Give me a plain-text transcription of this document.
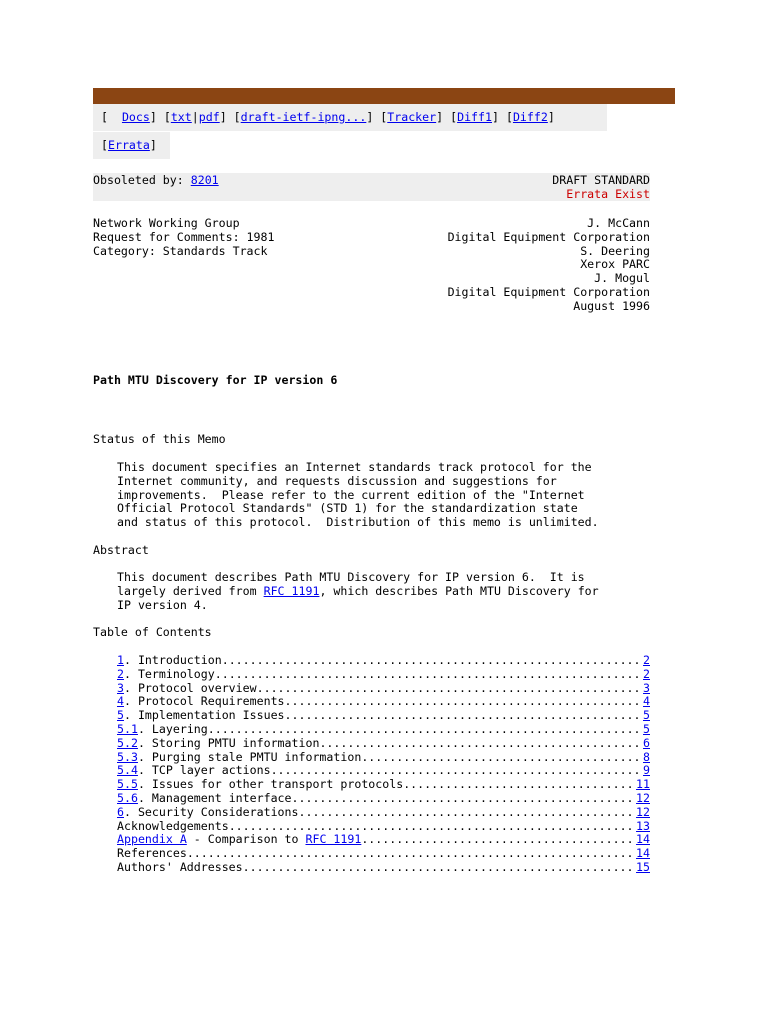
[  Docs] [txt|pdf] [draft-ietf-ipng...] [Tracker] [Diff1] [Diff2]
[Errata]
Obsoleted by: 8201	DRAFT STANDARD
Errata Exist
Network Working Group
Request for Comments: 1981
Category: Standards Track
J. McCann
Digital Equipment Corporation
S. Deering
Xerox PARC
J. Mogul
Digital Equipment Corporation
August 1996
Path MTU Discovery for IP version 6
Status of this Memo
This document specifies an Internet standards track protocol for the
Internet community, and requests discussion and suggestions for
improvements.  Please refer to the current edition of the "Internet
Official Protocol Standards" (STD 1) for the standardization state
and status of this protocol.  Distribution of this memo is unlimited.
Abstract
This document describes Path MTU Discovery for IP version 6.  It is
largely derived from RFC 1191, which describes Path MTU Discovery for
IP version 4.
Table of Contents
1 . Introduction .....	2
2 . Terminology .....	2
3 . Protocol overview .....	3
4 . Protocol Requirements .....	4
5 . Implementation Issues .....	5
5.1 . Layering .....	5
5.2 . Storing PMTU information .....	6
5.3 . Purging stale PMTU information .....	8
5.4 . TCP layer actions .....	9
5.5 . Issues for other transport protocols .....	11
5.6 . Management interface .....	12
6 . Security Considerations .....	12
Acknowledgements .....	13
Appendix A - Comparison to RFC 1191 .....	14
References .....	14
Authors' Addresses .....	15
